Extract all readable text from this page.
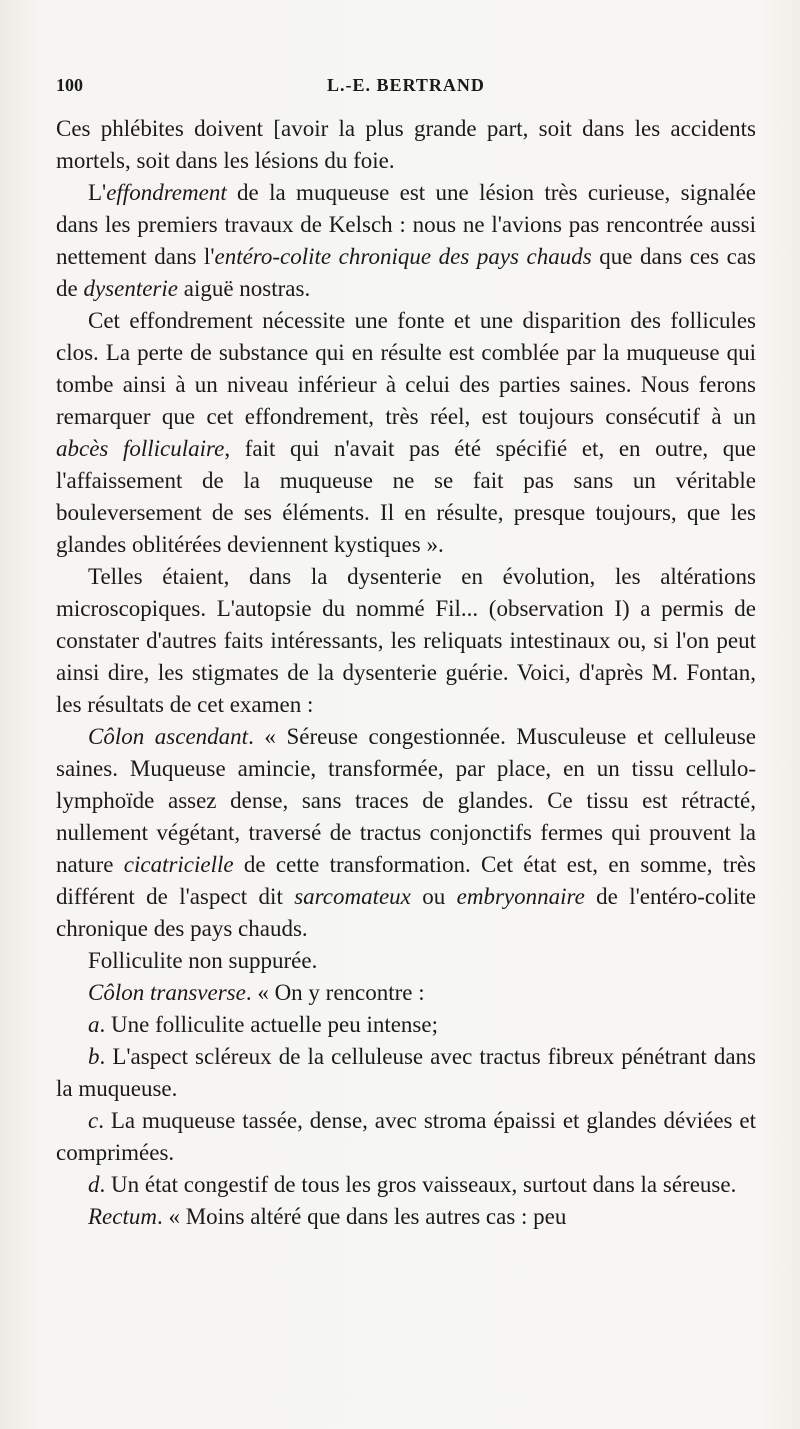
100	L.-E. BERTRAND

Ces phlébites doivent [avoir la plus grande part, soit dans les accidents mortels, soit dans les lésions du foie.

L'effondrement de la muqueuse est une lésion très curieuse, signalée dans les premiers travaux de Kelsch : nous ne l'avions pas rencontrée aussi nettement dans l'entéro-colite chronique des pays chauds que dans ces cas de dysenterie aiguë nostras.

Cet effondrement nécessite une fonte et une disparition des follicules clos. La perte de substance qui en résulte est comblée par la muqueuse qui tombe ainsi à un niveau inférieur à celui des parties saines. Nous ferons remarquer que cet effondrement, très réel, est toujours consécutif à un abcès folliculaire, fait qui n'avait pas été spécifié et, en outre, que l'affaissement de la muqueuse ne se fait pas sans un véritable bouleversement de ses éléments. Il en résulte, presque toujours, que les glandes oblitérées deviennent kystiques ».

Telles étaient, dans la dysenterie en évolution, les altérations microscopiques. L'autopsie du nommé Fil... (observation I) a permis de constater d'autres faits intéressants, les reliquats intestinaux ou, si l'on peut ainsi dire, les stigmates de la dysenterie guérie. Voici, d'après M. Fontan, les résultats de cet examen :

Côlon ascendant. « Séreuse congestionnée. Musculeuse et celluleuse saines. Muqueuse amincie, transformée, par place, en un tissu cellulo-lymphoïde assez dense, sans traces de glandes. Ce tissu est rétracté, nullement végétant, traversé de tractus conjonctifs fermes qui prouvent la nature cicatricielle de cette transformation. Cet état est, en somme, très différent de l'aspect dit sarcomateux ou embryonnaire de l'entéro-colite chronique des pays chauds.

Folliculite non suppurée.

Côlon transverse. « On y rencontre :

a. Une folliculite actuelle peu intense;

b. L'aspect scléreux de la celluleuse avec tractus fibreux pénétrant dans la muqueuse.

c. La muqueuse tassée, dense, avec stroma épaissi et glandes déviées et comprimées.

d. Un état congestif de tous les gros vaisseaux, surtout dans la séreuse.

Rectum. « Moins altéré que dans les autres cas : peu
